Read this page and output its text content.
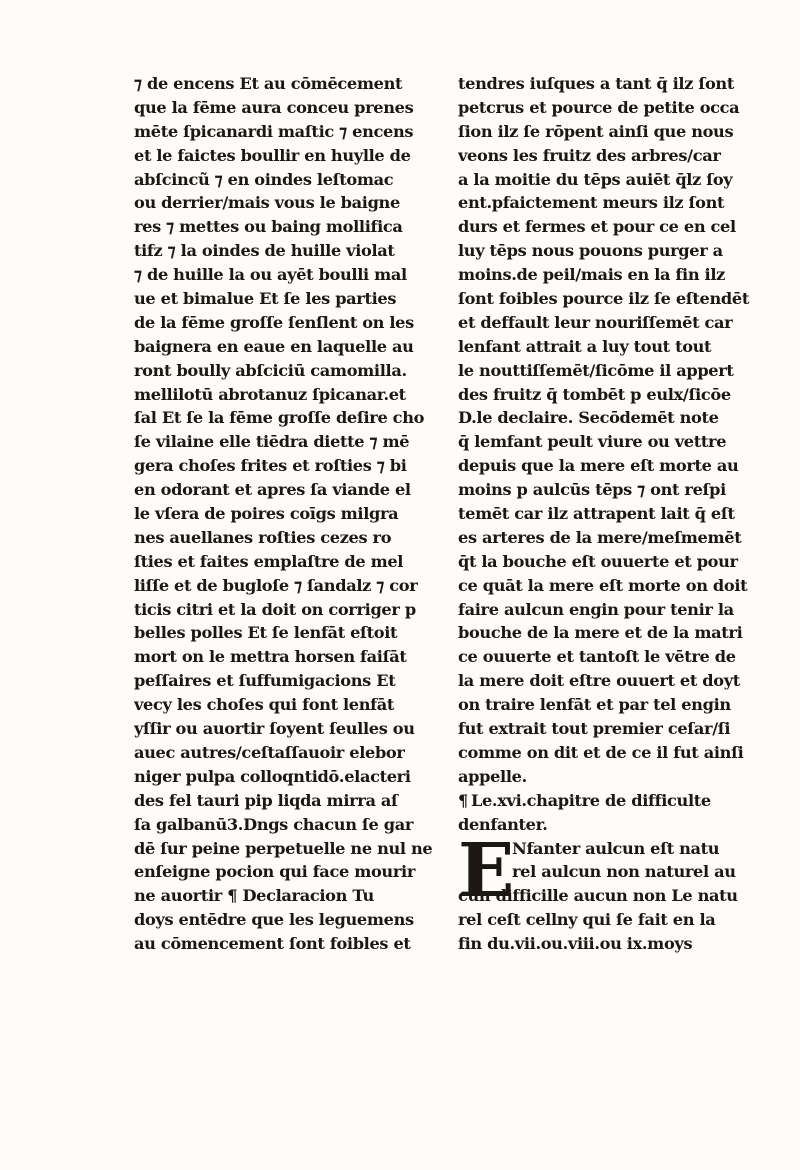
⁊ de encens Et au cōmēcement
que la fēme aura conceu prenes
mēte ſpicanardi maſtic ⁊ encens
et le faictes boullir en huylle de
abſcincũ ⁊ en oindes leſtomac
ou derrier/mais vous le baigne
res ⁊ mettes ou baing mollifica
tifz ⁊ la oindes de huille violat
⁊ de huille la ou ayēt boulli mal
ue et bimalue Et ſe les parties
de la fēme groſſe ſenſlent on les
baignera en eaue en laquelle au
ront boully abſciciū camomilla.
mellilotū abrotanuz ſpicanar.et
ſal Et ſe la fēme groſſe deſire cho
ſe vilaine elle tiēdra diette ⁊ mē
gera choſes frites et roſties ⁊ bi
en odorant et apres ſa viande el
le vſera de poires coīgs milgra
nes auellanes roſties cezes ro
ſties et faites emplaſtre de mel
liſſe et de bugloſe ⁊ ſandalz ⁊ cor
ticis citri et la doit on corriger p
belles polles Et ſe lenfāt eſtoit
mort on le mettra horsen faiſāt
peſſaires et ſuffumigacions Et
vecy les choſes qui font lenfāt
yſſir ou auortir ſoyent ſeulles ou
auec autres/ceſtaſſauoir elebor
niger pulpa colloqntidō.elacteri
des fel tauri pip liqda mirra aſ
ſa galbanū3.Dngs chacun ſe gar
dē ſur peine perpetuelle ne nul ne
enſeigne pocion qui face mourir
ne auortir ¶ Declaracion Tu
doys entēdre que les leguemens
au cōmencement ſont foibles et
tendres iuſques a tant q̄ ilz ſont
petcrus et pource de petite occa
ſion ilz ſe rōpent ainſi que nous
veons les fruitz des arbres/car
a la moitie du tēps auiēt q̄lz ſoy
ent.pfaictement meurs ilz ſont
durs et fermes et pour ce en cel
luy tēps nous pouons purger a
moins.de peil/mais en la fin ilz
ſont foibles pource ilz ſe eſtendēt
et deffault leur nouriſſemēt car
lenfant attrait a luy tout tout
le nouttiſſemēt/ſicōme il appert
des fruitz q̄ tombēt p eulx/ſicōe
D.le declaire. Secōdemēt note
q̄ lemfant peult viure ou vettre
depuis que la mere eſt morte au
moins p aulcūs tēps ⁊ ont reſpi
temēt car ilz attrapent lait q̄ eſt
es arteres de la mere/meſmemēt
q̄t la bouche eſt ouuerte et pour
ce quāt la mere eſt morte on doit
faire aulcun engin pour tenir la
bouche de la mere et de la matri
ce ouuerte et tantoſt le vētre de
la mere doit eſtre ouuert et doyt
on traire lenfāt et par tel engin
fut extrait tout premier ceſar/ſi
comme on dit et de ce il fut ainſi
appelle.
¶ Le.xvi.chapitre de difficulte
denfanter.
E
Nfanter aulcun eſt natu
rel aulcun non naturel au
cun difficille aucun non Le natu
rel ceſt cellny qui ſe fait en la
fin du.vii.ou.viii.ou ix.moys
